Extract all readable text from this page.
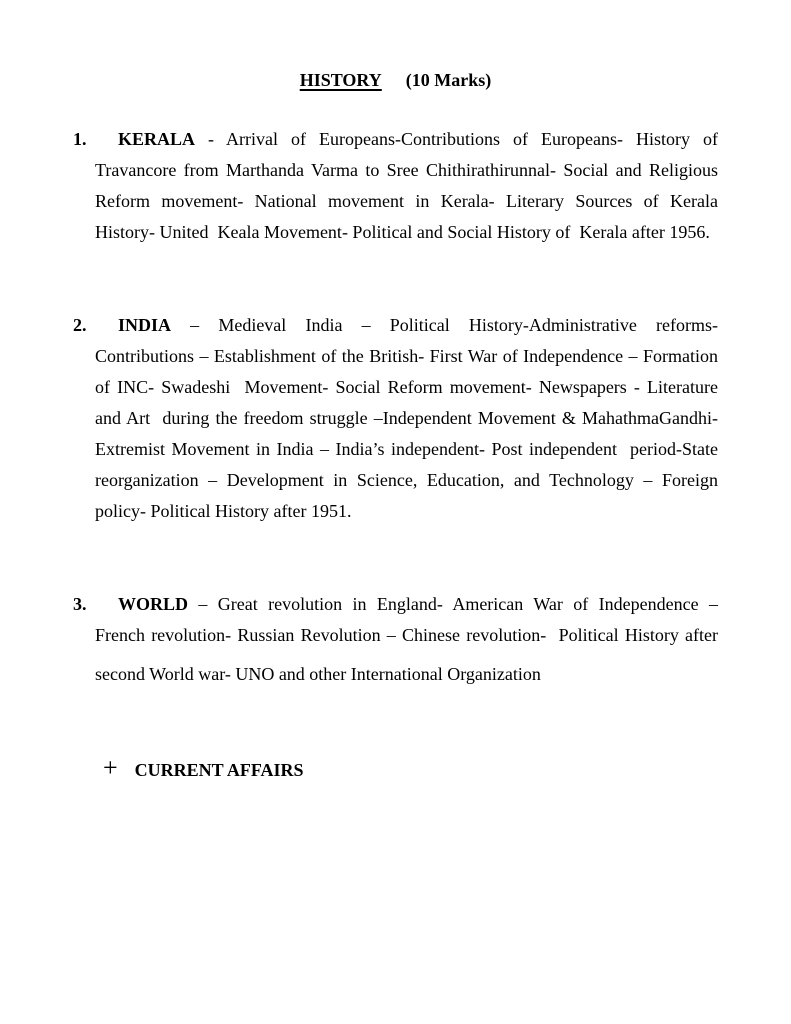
HISTORY (10 Marks)
1.	KERALA - Arrival of Europeans-Contributions of Europeans- History of
Travancore from Marthanda Varma to Sree Chithirathirunnal- Social and Religious
Reform movement- National movement in Kerala- Literary Sources of Kerala
History- United  Keala Movement- Political and Social History of  Kerala after 1956.
2.	INDIA – Medieval India – Political History-Administrative reforms-
Contributions – Establishment of the British- First War of Independence – Formation
of INC- Swadeshi  Movement- Social Reform movement- Newspapers - Literature
and Art  during the freedom struggle –Independent Movement & MahathmaGandhi-
Extremist Movement in India – India’s independent- Post independent  period-State
reorganization – Development in Science, Education, and Technology – Foreign
policy- Political History after 1951.
3.	WORLD – Great revolution in England- American War of Independence –
French revolution- Russian Revolution – Chinese revolution-  Political History after
second World war- UNO and other International Organization
+ CURRENT AFFAIRS
